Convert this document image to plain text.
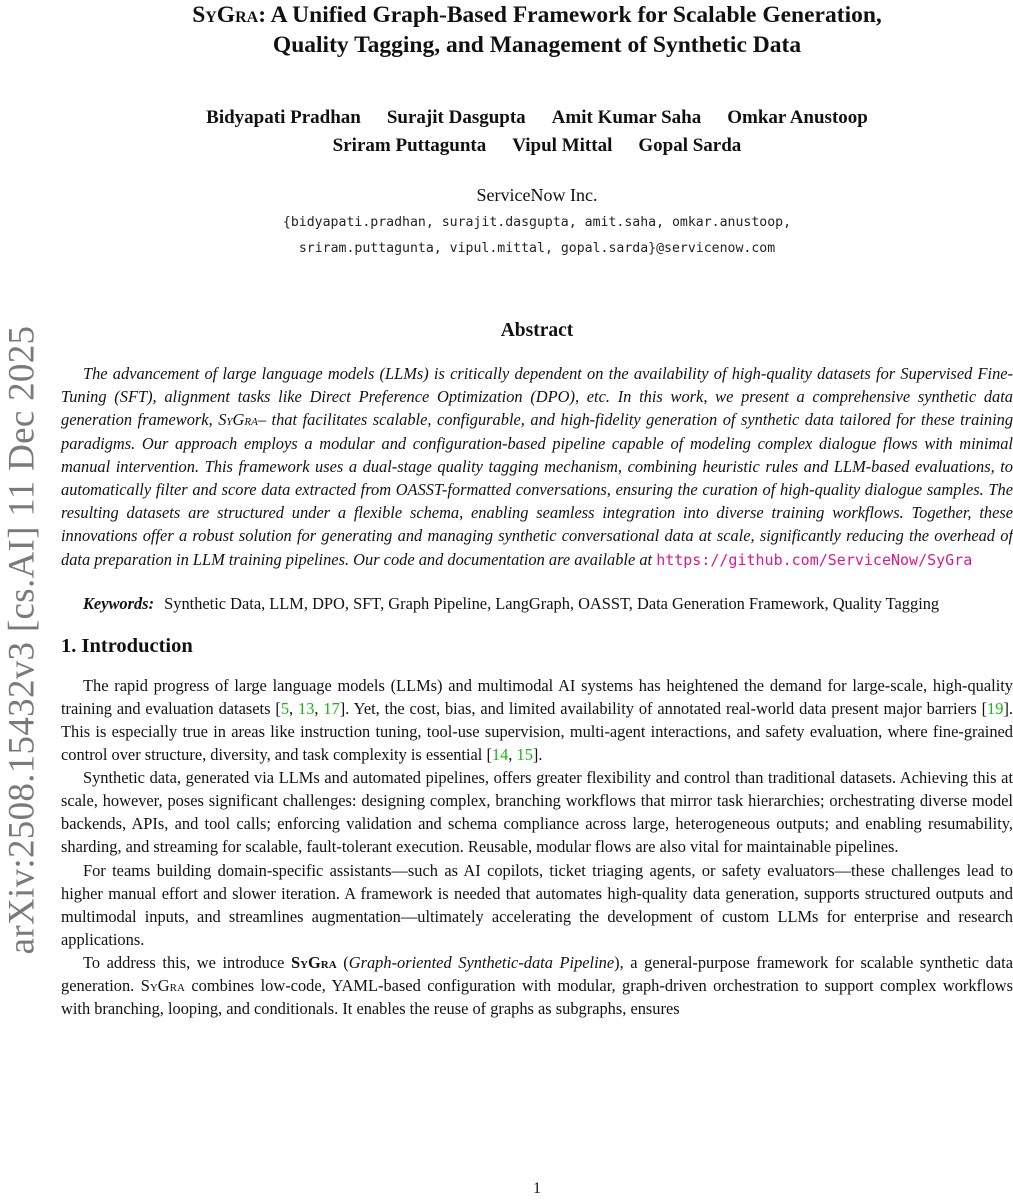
arXiv:2508.15432v3 [cs.AI] 11 Dec 2025
SyGra: A Unified Graph-Based Framework for Scalable Generation,
Quality Tagging, and Management of Synthetic Data
Bidyapati Pradhan Surajit Dasgupta Amit Kumar Saha Omkar Anustoop
Sriram Puttagunta Vipul Mittal Gopal Sarda
ServiceNow Inc.
{bidyapati.pradhan, surajit.dasgupta, amit.saha, omkar.anustoop,
sriram.puttagunta, vipul.mittal, gopal.sarda}@servicenow.com
Abstract

The advancement of large language models (LLMs) is critically dependent on the availability of high-quality datasets for Supervised Fine-Tuning (SFT), alignment tasks like Direct Preference Optimization (DPO), etc. In this work, we present a comprehensive synthetic data generation framework, SyGra– that facilitates scalable, configurable, and high-fidelity generation of synthetic data tailored for these training paradigms. Our approach employs a modular and configuration-based pipeline capable of modeling complex dialogue flows with minimal manual intervention. This framework uses a dual-stage quality tagging mechanism, combining heuristic rules and LLM-based evaluations, to automatically filter and score data extracted from OASST-formatted conversations, ensuring the curation of high-quality dialogue samples. The resulting datasets are structured under a flexible schema, enabling seamless integration into diverse training workflows. Together, these innovations offer a robust solution for generating and managing synthetic conversational data at scale, significantly reducing the overhead of data preparation in LLM training pipelines. Our code and documentation are available at https://github.com/ServiceNow/SyGra

Keywords: Synthetic Data, LLM, DPO, SFT, Graph Pipeline, LangGraph, OASST, Data Generation Framework, Quality Tagging

1. Introduction

The rapid progress of large language models (LLMs) and multimodal AI systems has heightened the demand for large-scale, high-quality training and evaluation datasets [5, 13, 17]. Yet, the cost, bias, and limited availability of annotated real-world data present major barriers [19]. This is especially true in areas like instruction tuning, tool-use supervision, multi-agent interactions, and safety evaluation, where fine-grained control over structure, diversity, and task complexity is essential [14, 15].

Synthetic data, generated via LLMs and automated pipelines, offers greater flexibility and control than traditional datasets. Achieving this at scale, however, poses significant challenges: designing complex, branching workflows that mirror task hierarchies; orchestrating diverse model backends, APIs, and tool calls; enforcing validation and schema compliance across large, heterogeneous outputs; and enabling resumability, sharding, and streaming for scalable, fault-tolerant execution. Reusable, modular flows are also vital for maintainable pipelines.

For teams building domain-specific assistants—such as AI copilots, ticket triaging agents, or safety evaluators—these challenges lead to higher manual effort and slower iteration. A framework is needed that automates high-quality data generation, supports structured outputs and multimodal inputs, and streamlines augmentation—ultimately accelerating the development of custom LLMs for enterprise and research applications.

To address this, we introduce SyGra (Graph-oriented Synthetic-data Pipeline), a general-purpose framework for scalable synthetic data generation. SyGra combines low-code, YAML-based configuration with modular, graph-driven orchestration to support complex workflows with branching, looping, and conditionals. It enables the reuse of graphs as subgraphs, ensures

1
